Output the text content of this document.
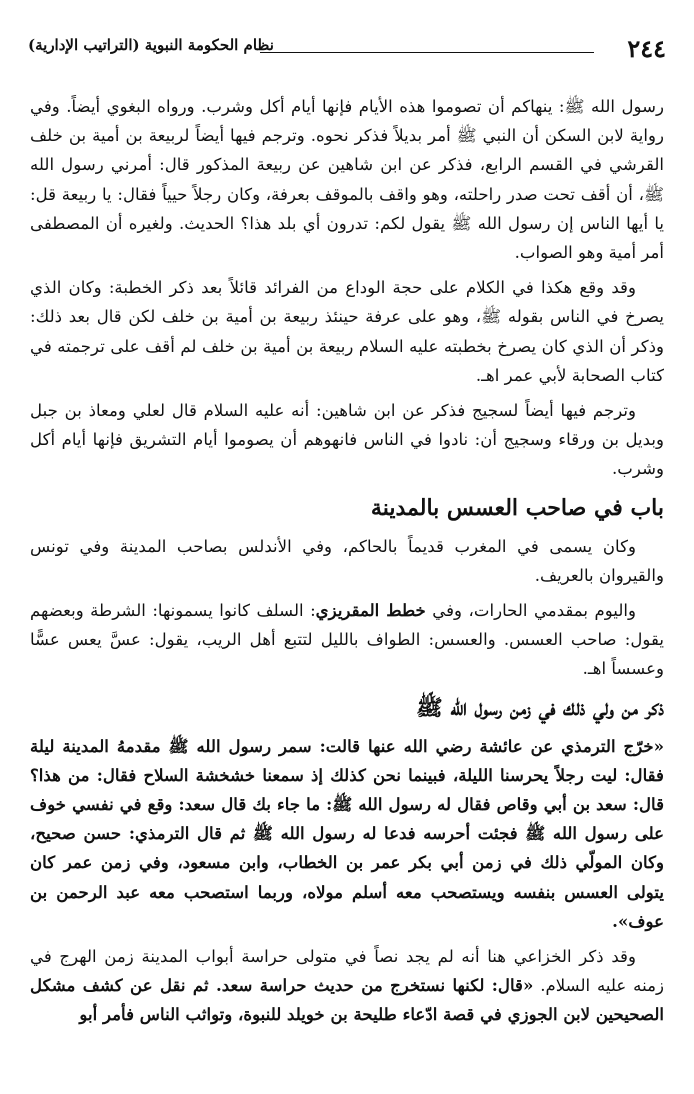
٢٤٤
نظام الحكومة النبوية (التراتيب الإدارية)

رسول الله ﷺ: ينهاكم أن تصوموا هذه الأيام فإنها أيام أكل وشرب. ورواه البغوي أيضاً. وفي رواية لابن السكن أن النبي ﷺ أمر بديلاً فذكر نحوه. وترجم فيها أيضاً لربيعة بن أمية بن خلف القرشي في القسم الرابع، فذكر عن ابن شاهين عن ربيعة المذكور قال: أمرني رسول الله ﷺ، أن أقف تحت صدر راحلته، وهو واقف بالموقف بعرفة، وكان رجلاً حيياً فقال: يا ربيعة قل: يا أيها الناس إن رسول الله ﷺ يقول لكم: تدرون أي بلد هذا؟ الحديث. ولغيره أن المصطفى أمر أمية وهو الصواب.

وقد وقع هكذا في الكلام على حجة الوداع من الفرائد قائلاً بعد ذكر الخطبة: وكان الذي يصرخ في الناس بقوله ﷺ، وهو على عرفة حينئذ ربيعة بن أمية بن خلف لكن قال بعد ذلك: وذكر أن الذي كان يصرخ بخطبته عليه السلام ربيعة بن أمية بن خلف لم أقف على ترجمته في كتاب الصحابة لأبي عمر اهـ.

وترجم فيها أيضاً لسجيج فذكر عن ابن شاهين: أنه عليه السلام قال لعلي ومعاذ بن جبل وبديل بن ورقاء وسجيج أن: نادوا في الناس فانهوهم أن يصوموا أيام التشريق فإنها أيام أكل وشرب.

باب في صاحب العسس بالمدينة

وكان يسمى في المغرب قديماً بالحاكم، وفي الأندلس بصاحب المدينة وفي تونس والقيروان بالعريف.

واليوم بمقدمي الحارات، وفي خطط المقريزي: السلف كانوا يسمونها: الشرطة وبعضهم يقول: صاحب العسس. والعسس: الطواف بالليل لتتبع أهل الريب، يقول: عسَّ يعس عسًّا وعسساً اهـ.

ذكر من ولي ذلك في زمن رسول الله ﷺ

«خرّج الترمذي عن عائشة رضي الله عنها قالت: سمر رسول الله ﷺ مقدمهُ المدينة ليلة فقال: ليت رجلاً يحرسنا الليلة، فبينما نحن كذلك إذ سمعنا خشخشة السلاح فقال: من هذا؟ قال: سعد بن أبي وقاص فقال له رسول الله ﷺ: ما جاء بك قال سعد: وقع في نفسي خوف على رسول الله ﷺ فجئت أحرسه فدعا له رسول الله ﷺ ثم قال الترمذي: حسن صحيح، وكان المولّي ذلك في زمن أبي بكر عمر بن الخطاب، وابن مسعود، وفي زمن عمر كان يتولى العسس بنفسه ويستصحب معه أسلم مولاه، وربما استصحب معه عبد الرحمن بن عوف».

وقد ذكر الخزاعي هنا أنه لم يجد نصاً في متولى حراسة أبواب المدينة زمن الهرج في زمنه عليه السلام. «قال: لكنها نستخرج من حديث حراسة سعد. ثم نقل عن كشف مشكل الصحيحين لابن الجوزي في قصة ادّعاء طليحة بن خويلد للنبوة، وتواثب الناس فأمر أبو
